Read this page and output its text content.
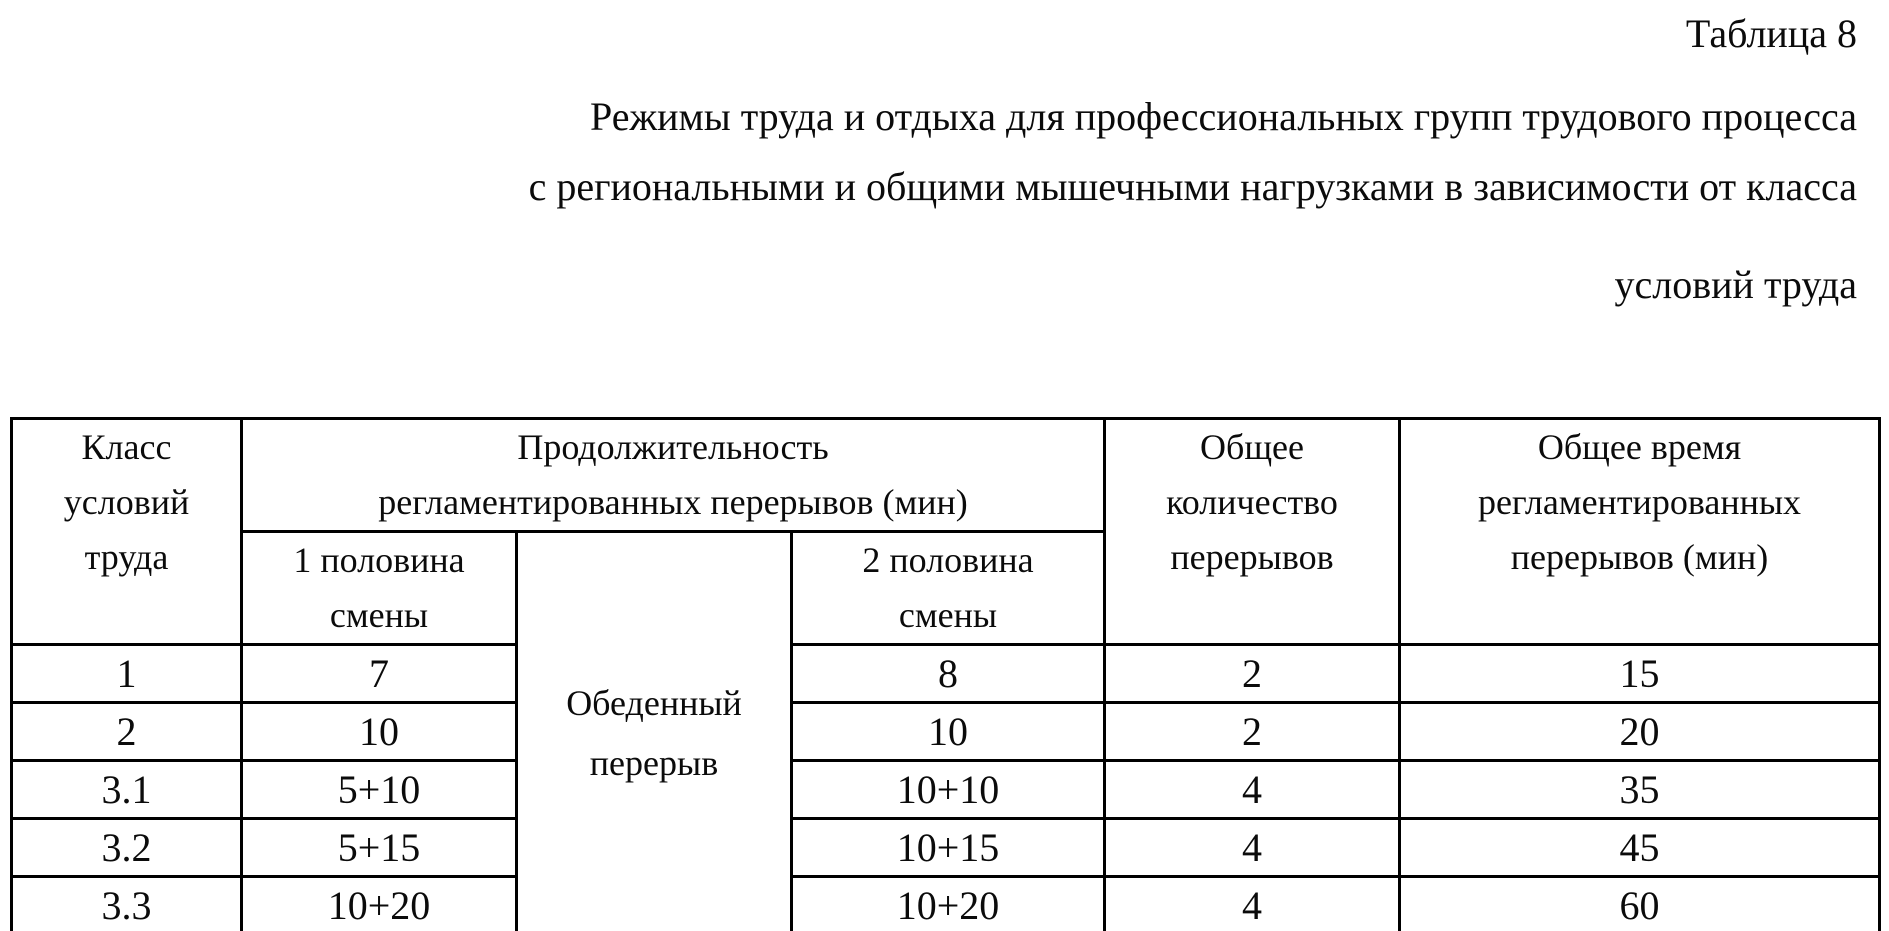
Таблица 8
Режимы труда и отдыха для профессиональных групп трудового процесса
с региональными и общими мышечными нагрузками в зависимости от класса
условий труда
Класс условий труда	Продолжительность регламентированных перерывов (мин)			Общее количество перерывов	Общее время регламентированных перерывов (мин)
	1 половина смены	Обеденный перерыв	2 половина смены		
1	7		8	2	15
2	10		10	2	20
3.1	5+10		10+10	4	35
3.2	5+15		10+15	4	45
3.3	10+20		10+20	4	60
